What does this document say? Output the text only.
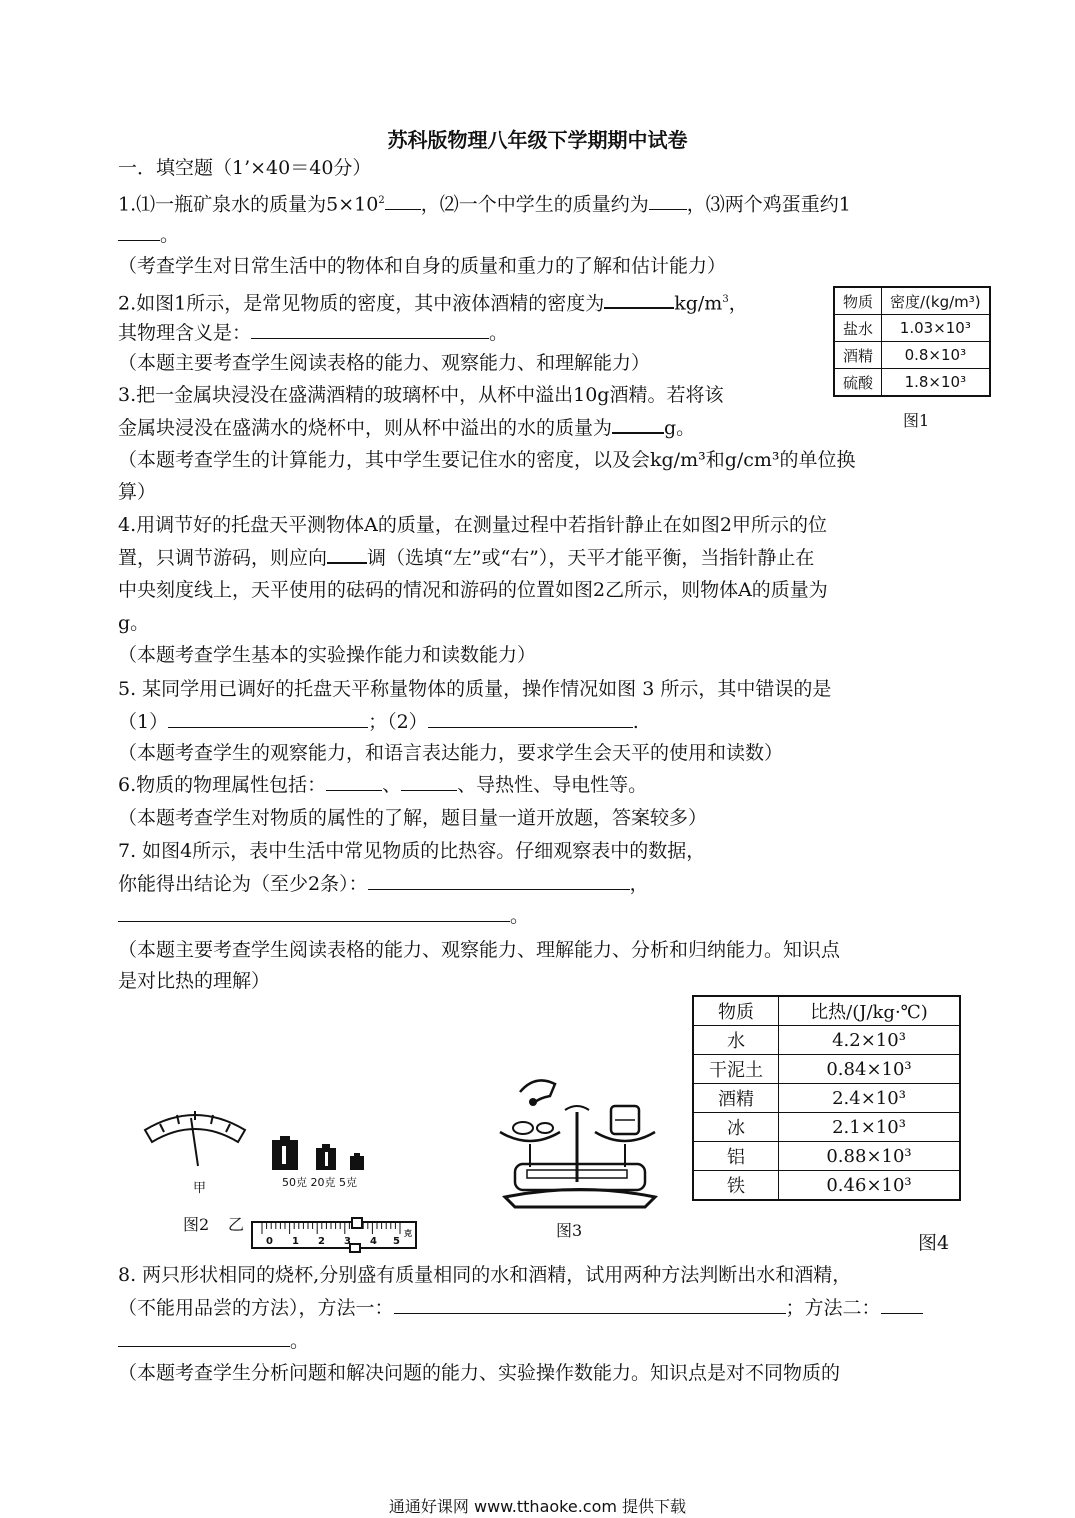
苏科版物理八年级下学期期中试卷
一．填空题（1’×40＝40分）
1.⑴一瓶矿泉水的质量为$5\times 10^2$ ，⑵一个中学生的质量约为 ，⑶两个鸡蛋重约1
。
（考查学生对日常生活中的物体和自身的质量和重力的了解和估计能力）
2.如图1所示，是常见物质的密度，其中液体酒精的密度为	$kg/m^3$，
其物理含义是：	。
（本题主要考查学生阅读表格的能力、观察能力、和理解能力）
物质	密度/(kg/m³)
盐水	1.03×10³
酒精	0.8×10³
硫酸	1.8×10³
图1
3.把一金属块浸没在盛满酒精的玻璃杯中，从杯中溢出10g酒精。若将该
金属块浸没在盛满水的烧杯中，则从杯中溢出的水的质量为	g。
（本题考查学生的计算能力，其中学生要记住水的密度，以及会kg/m³和g/cm³的单位换
算）
4.用调节好的托盘天平测物体A的质量，在测量过程中若指针静止在如图2甲所示的位
置，只调节游码，则应向 调（选填“左”或“右”），天平才能平衡，当指针静止在
中央刻度线上，天平使用的砝码的情况和游码的位置如图2乙所示，则物体A的质量为
g。
（本题考查学生基本的实验操作能力和读数能力）
5. 某同学用已调好的托盘天平称量物体的质量，操作情况如图 3 所示，其中错误的是
（1）	；（2）	.
（本题考查学生的观察能力，和语言表达能力，要求学生会天平的使用和读数）
6.物质的物理属性包括：	、	、导热性、导电性等。
（本题考查学生对物质的属性的了解，题目量一道开放题，答案较多）
7. 如图4所示，表中生活中常见物质的比热容。仔细观察表中的数据，
你能得出结论为（至少2条）：	，
。
（本题主要考查学生阅读表格的能力、观察能力、理解能力、分析和归纳能力。知识点
是对比热的理解）
物质	比热/(J/kg·℃)
水	4.2×10³
干泥土	0.84×10³
酒精	2.4×10³
冰	2.1×10³
铝	0.88×10³
铁	0.46×10³
图4
甲	50克 20克 5克
图2 乙
0 1 2 3 4 5
克	图3
8. 两只形状相同的烧杯,分别盛有质量相同的水和酒精，试用两种方法判断出水和酒精，
（不能用品尝的方法），方法一：	；方法二：
。
（本题考查学生分析问题和解决问题的能力、实验操作数能力。知识点是对不同物质的
通通好课网 www.tthaoke.com 提供下载
